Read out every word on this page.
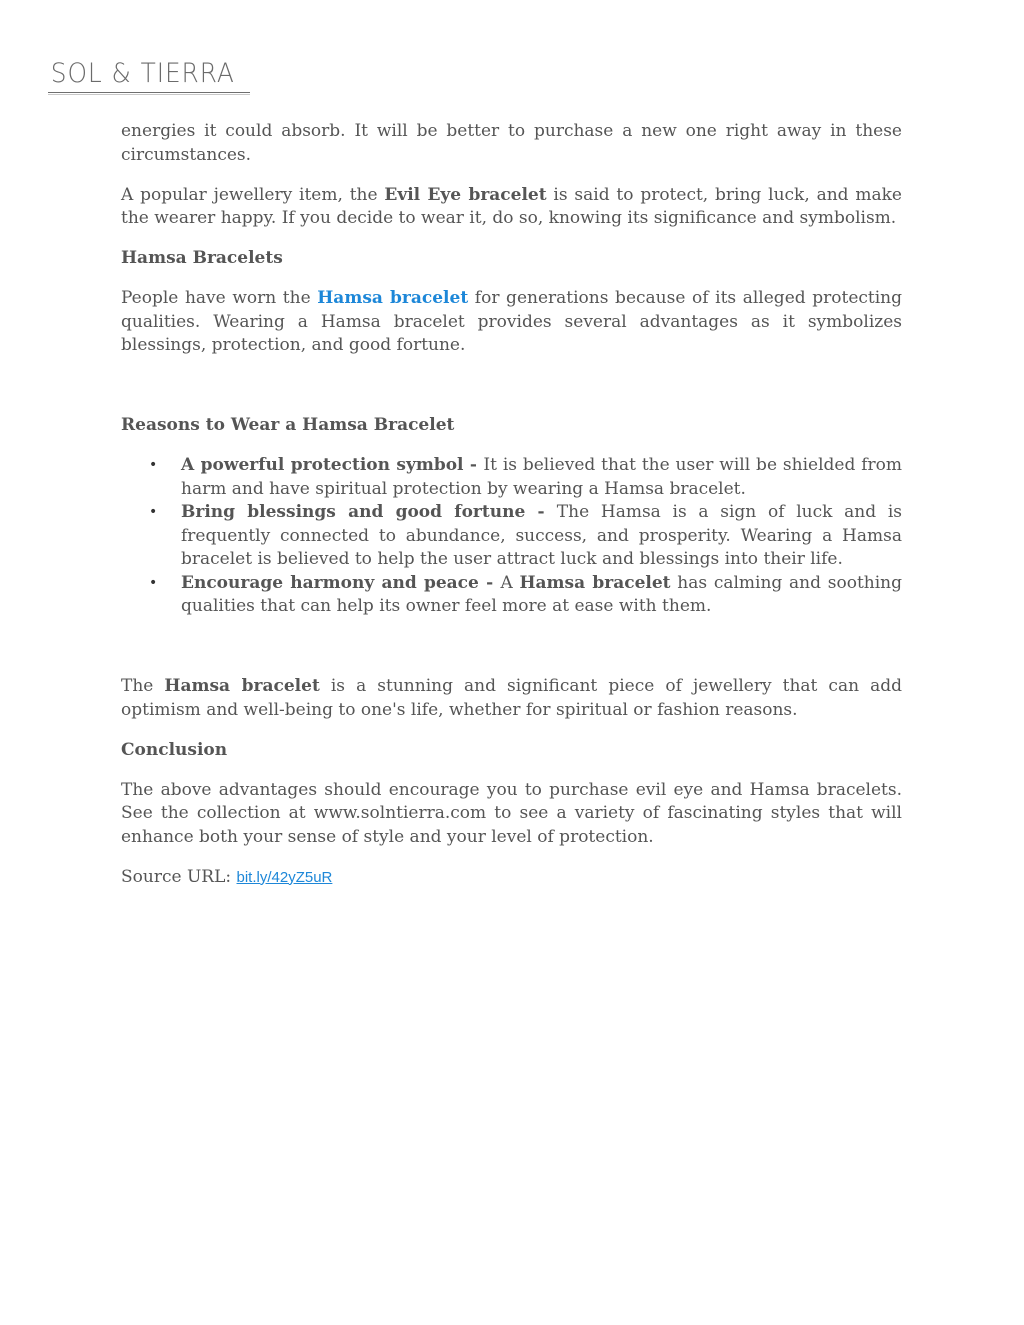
SOL & TIERRA

energies it could absorb. It will be better to purchase a new one right away in these circumstances.

A popular jewellery item, the Evil Eye bracelet is said to protect, bring luck, and make the wearer happy. If you decide to wear it, do so, knowing its significance and symbolism.

Hamsa Bracelets

People have worn the Hamsa bracelet for generations because of its alleged protecting qualities. Wearing a Hamsa bracelet provides several advantages as it symbolizes blessings, protection, and good fortune.

Reasons to Wear a Hamsa Bracelet
• A powerful protection symbol - It is believed that the user will be shielded from harm and have spiritual protection by wearing a Hamsa bracelet.
• Bring blessings and good fortune - The Hamsa is a sign of luck and is frequently connected to abundance, success, and prosperity. Wearing a Hamsa bracelet is believed to help the user attract luck and blessings into their life.
• Encourage harmony and peace - A Hamsa bracelet has calming and soothing qualities that can help its owner feel more at ease with them.

The Hamsa bracelet is a stunning and significant piece of jewellery that can add optimism and well-being to one's life, whether for spiritual or fashion reasons.

Conclusion

The above advantages should encourage you to purchase evil eye and Hamsa bracelets. See the collection at www.solntierra.com to see a variety of fascinating styles that will enhance both your sense of style and your level of protection.

Source URL: bit.ly/42yZ5uR
